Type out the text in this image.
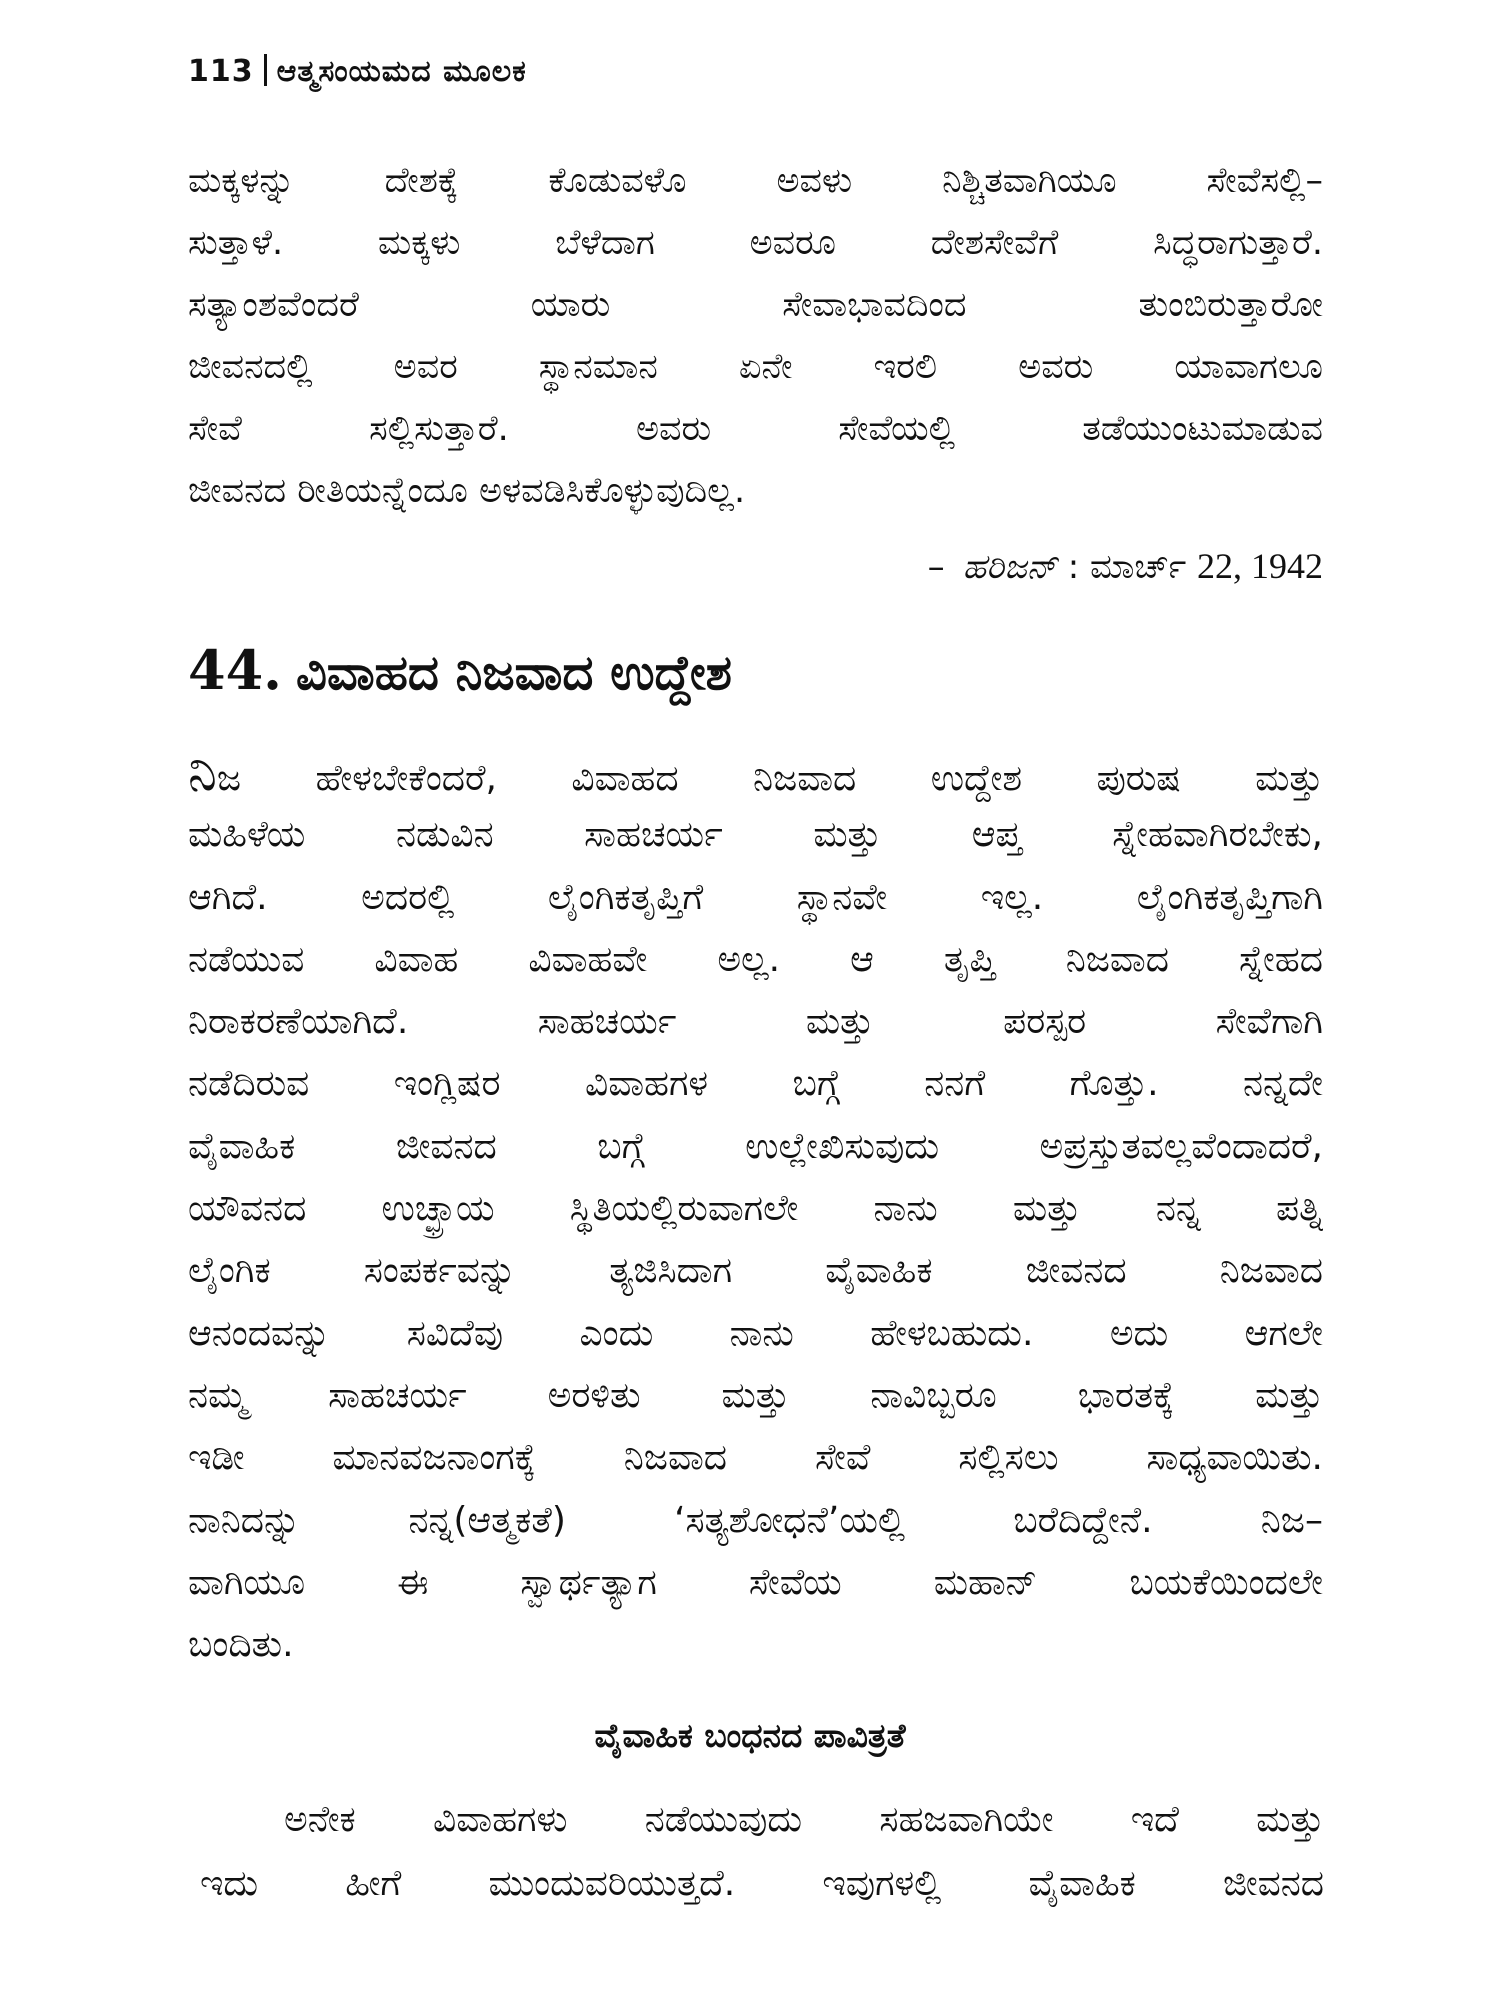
113 ಆತ್ಮಸಂಯಮದ ಮೂಲಕ
ಮಕ್ಕಳನ್ನು ದೇಶಕ್ಕೆ ಕೊಡುವಳೊ ಅವಳು ನಿಶ್ಚಿತವಾಗಿಯೂ ಸೇವೆಸಲ್ಲಿ–
ಸುತ್ತಾಳೆ. ಮಕ್ಕಳು ಬೆಳೆದಾಗ ಅವರೂ ದೇಶಸೇವೆಗೆ ಸಿದ್ಧರಾಗುತ್ತಾರೆ.
ಸತ್ಯಾಂಶವೆಂದರೆ ಯಾರು ಸೇವಾಭಾವದಿಂದ ತುಂಬಿರುತ್ತಾರೋ
ಜೀವನದಲ್ಲಿ ಅವರ ಸ್ಥಾನಮಾನ ಏನೇ ಇರಲಿ ಅವರು ಯಾವಾಗಲೂ
ಸೇವೆ ಸಲ್ಲಿಸುತ್ತಾರೆ. ಅವರು ಸೇವೆಯಲ್ಲಿ ತಡೆಯುಂಟುಮಾಡುವ
ಜೀವನದ ರೀತಿಯನ್ನೆಂದೂ ಅಳವಡಿಸಿಕೊಳ್ಳುವುದಿಲ್ಲ.
– ಹರಿಜನ್ : ಮಾರ್ಚ್ 22, 1942
44. ವಿವಾಹದ ನಿಜವಾದ ಉದ್ದೇಶ
ನಿಜ ಹೇಳಬೇಕೆಂದರೆ, ವಿವಾಹದ ನಿಜವಾದ ಉದ್ದೇಶ ಪುರುಷ ಮತ್ತು
ಮಹಿಳೆಯ ನಡುವಿನ ಸಾಹಚರ್ಯ ಮತ್ತು ಆಪ್ತ ಸ್ನೇಹವಾಗಿರಬೇಕು,
ಆಗಿದೆ. ಅದರಲ್ಲಿ ಲೈಂಗಿಕತೃಪ್ತಿಗೆ ಸ್ಥಾನವೇ ಇಲ್ಲ. ಲೈಂಗಿಕತೃಪ್ತಿಗಾಗಿ
ನಡೆಯುವ ವಿವಾಹ ವಿವಾಹವೇ ಅಲ್ಲ. ಆ ತೃಪ್ತಿ ನಿಜವಾದ ಸ್ನೇಹದ
ನಿರಾಕರಣೆಯಾಗಿದೆ. ಸಾಹಚರ್ಯ ಮತ್ತು ಪರಸ್ಪರ ಸೇವೆಗಾಗಿ
ನಡೆದಿರುವ ಇಂಗ್ಲಿಷರ ವಿವಾಹಗಳ ಬಗ್ಗೆ ನನಗೆ ಗೊತ್ತು. ನನ್ನದೇ
ವೈವಾಹಿಕ ಜೀವನದ ಬಗ್ಗೆ ಉಲ್ಲೇಖಿಸುವುದು ಅಪ್ರಸ್ತುತವಲ್ಲವೆಂದಾದರೆ,
ಯೌವನದ ಉಚ್ಛ್ರಾಯ ಸ್ಥಿತಿಯಲ್ಲಿರುವಾಗಲೇ ನಾನು ಮತ್ತು ನನ್ನ ಪತ್ನಿ
ಲೈಂಗಿಕ ಸಂಪರ್ಕವನ್ನು ತ್ಯಜಿಸಿದಾಗ ವೈವಾಹಿಕ ಜೀವನದ ನಿಜವಾದ
ಆನಂದವನ್ನು ಸವಿದೆವು ಎಂದು ನಾನು ಹೇಳಬಹುದು. ಅದು ಆಗಲೇ
ನಮ್ಮ ಸಾಹಚರ್ಯ ಅರಳಿತು ಮತ್ತು ನಾವಿಬ್ಬರೂ ಭಾರತಕ್ಕೆ ಮತ್ತು
ಇಡೀ ಮಾನವಜನಾಂಗಕ್ಕೆ ನಿಜವಾದ ಸೇವೆ ಸಲ್ಲಿಸಲು ಸಾಧ್ಯವಾಯಿತು.
ನಾನಿದನ್ನು ನನ್ನ(ಆತ್ಮಕತೆ) ‘ಸತ್ಯಶೋಧನೆ’ಯಲ್ಲಿ ಬರೆದಿದ್ದೇನೆ. ನಿಜ–
ವಾಗಿಯೂ ಈ ಸ್ವಾರ್ಥತ್ಯಾಗ ಸೇವೆಯ ಮಹಾನ್ ಬಯಕೆಯಿಂದಲೇ
ಬಂದಿತು.
ವೈವಾಹಿಕ ಬಂಧನದ ಪಾವಿತ್ರತೆ
ಅನೇಕ ವಿವಾಹಗಳು ನಡೆಯುವುದು ಸಹಜವಾಗಿಯೇ ಇದೆ ಮತ್ತು
ಇದು ಹೀಗೆ ಮುಂದುವರಿಯುತ್ತದೆ. ಇವುಗಳಲ್ಲಿ ವೈವಾಹಿಕ ಜೀವನದ
